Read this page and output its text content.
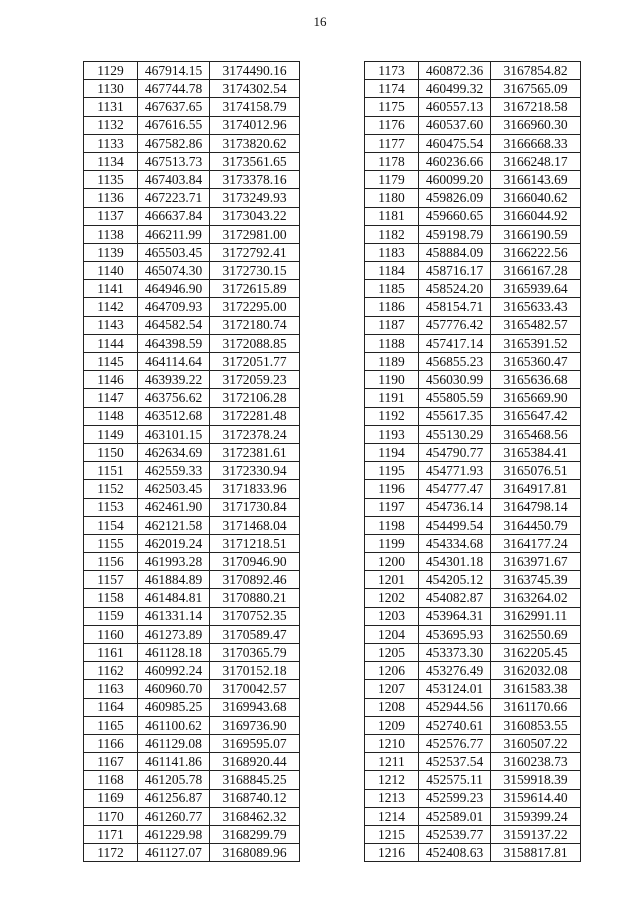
16
1129	467914.15	3174490.16
1130	467744.78	3174302.54
1131	467637.65	3174158.79
1132	467616.55	3174012.96
1133	467582.86	3173820.62
1134	467513.73	3173561.65
1135	467403.84	3173378.16
1136	467223.71	3173249.93
1137	466637.84	3173043.22
1138	466211.99	3172981.00
1139	465503.45	3172792.41
1140	465074.30	3172730.15
1141	464946.90	3172615.89
1142	464709.93	3172295.00
1143	464582.54	3172180.74
1144	464398.59	3172088.85
1145	464114.64	3172051.77
1146	463939.22	3172059.23
1147	463756.62	3172106.28
1148	463512.68	3172281.48
1149	463101.15	3172378.24
1150	462634.69	3172381.61
1151	462559.33	3172330.94
1152	462503.45	3171833.96
1153	462461.90	3171730.84
1154	462121.58	3171468.04
1155	462019.24	3171218.51
1156	461993.28	3170946.90
1157	461884.89	3170892.46
1158	461484.81	3170880.21
1159	461331.14	3170752.35
1160	461273.89	3170589.47
1161	461128.18	3170365.79
1162	460992.24	3170152.18
1163	460960.70	3170042.57
1164	460985.25	3169943.68
1165	461100.62	3169736.90
1166	461129.08	3169595.07
1167	461141.86	3168920.44
1168	461205.78	3168845.25
1169	461256.87	3168740.12
1170	461260.77	3168462.32
1171	461229.98	3168299.79
1172	461127.07	3168089.96
1173	460872.36	3167854.82
1174	460499.32	3167565.09
1175	460557.13	3167218.58
1176	460537.60	3166960.30
1177	460475.54	3166668.33
1178	460236.66	3166248.17
1179	460099.20	3166143.69
1180	459826.09	3166040.62
1181	459660.65	3166044.92
1182	459198.79	3166190.59
1183	458884.09	3166222.56
1184	458716.17	3166167.28
1185	458524.20	3165939.64
1186	458154.71	3165633.43
1187	457776.42	3165482.57
1188	457417.14	3165391.52
1189	456855.23	3165360.47
1190	456030.99	3165636.68
1191	455805.59	3165669.90
1192	455617.35	3165647.42
1193	455130.29	3165468.56
1194	454790.77	3165384.41
1195	454771.93	3165076.51
1196	454777.47	3164917.81
1197	454736.14	3164798.14
1198	454499.54	3164450.79
1199	454334.68	3164177.24
1200	454301.18	3163971.67
1201	454205.12	3163745.39
1202	454082.87	3163264.02
1203	453964.31	3162991.11
1204	453695.93	3162550.69
1205	453373.30	3162205.45
1206	453276.49	3162032.08
1207	453124.01	3161583.38
1208	452944.56	3161170.66
1209	452740.61	3160853.55
1210	452576.77	3160507.22
1211	452537.54	3160238.73
1212	452575.11	3159918.39
1213	452599.23	3159614.40
1214	452589.01	3159399.24
1215	452539.77	3159137.22
1216	452408.63	3158817.81
